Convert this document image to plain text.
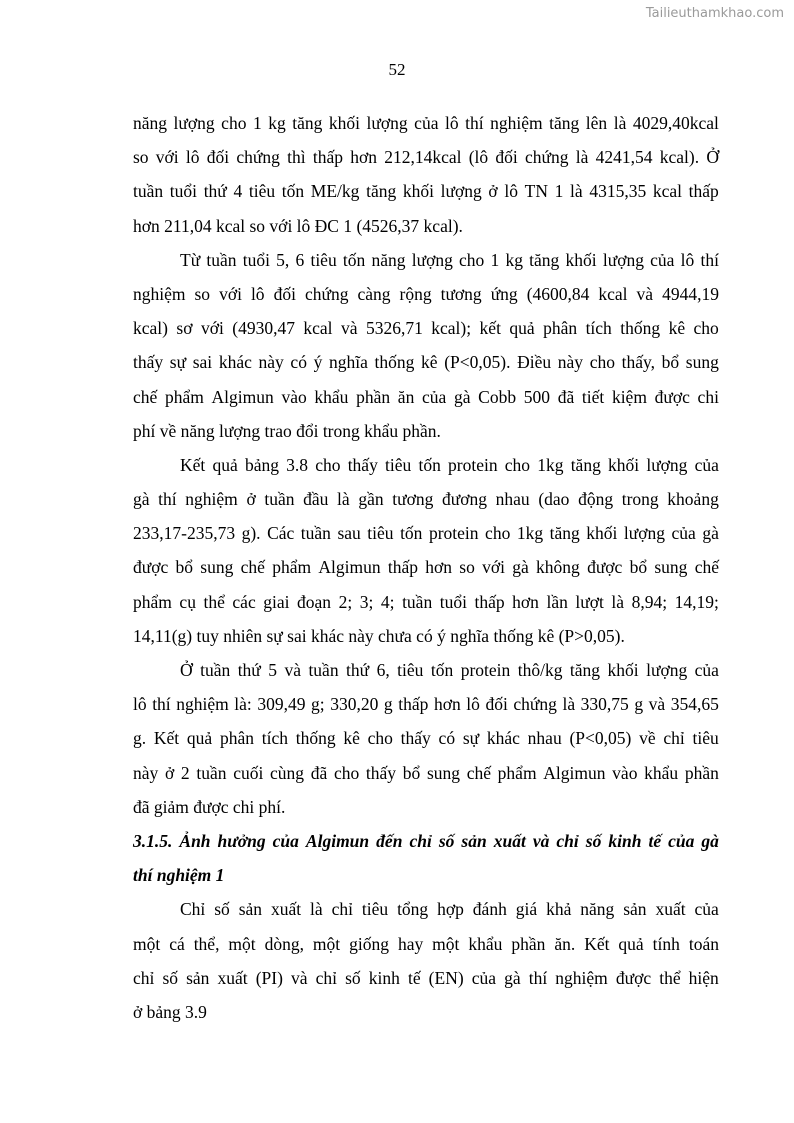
Tailieuthamkhao.com
52
năng lượng cho 1 kg tăng khối lượng của lô thí nghiệm tăng lên là 4029,40kcal
so với lô đối chứng thì thấp hơn 212,14kcal (lô đối chứng là 4241,54 kcal). Ở
tuần tuổi thứ 4 tiêu tốn ME/kg tăng khối lượng ở lô TN 1 là 4315,35 kcal thấp
hơn 211,04 kcal so với lô ĐC 1 (4526,37 kcal).
Từ tuần tuổi 5, 6 tiêu tốn năng lượng cho 1 kg tăng khối lượng của lô thí
nghiệm so với lô đối chứng càng rộng tương ứng (4600,84 kcal và 4944,19
kcal) sơ với (4930,47 kcal và 5326,71 kcal); kết quả phân tích thống kê cho
thấy sự sai khác này có ý nghĩa thống kê (P<0,05). Điều này cho thấy, bổ sung
chế phẩm Algimun vào khẩu phần ăn của gà Cobb 500 đã tiết kiệm được chi
phí về năng lượng trao đổi trong khẩu phần.
Kết quả bảng 3.8 cho thấy tiêu tốn protein cho 1kg tăng khối lượng của
gà thí nghiệm ở tuần đầu là gần tương đương nhau (dao động trong khoảng
233,17-235,73 g). Các tuần sau tiêu tốn protein cho 1kg tăng khối lượng của gà
được bổ sung chế phẩm Algimun thấp hơn so với gà không được bổ sung chế
phẩm cụ thể các giai đoạn 2; 3; 4; tuần tuổi thấp hơn lần lượt là 8,94; 14,19;
14,11(g) tuy nhiên sự sai khác này chưa có ý nghĩa thống kê (P>0,05).
Ở tuần thứ 5 và tuần thứ 6, tiêu tốn protein thô/kg tăng khối lượng của
lô thí nghiệm là: 309,49 g; 330,20 g thấp hơn lô đối chứng là 330,75 g và 354,65
g. Kết quả phân tích thống kê cho thấy có sự khác nhau (P<0,05) về chỉ tiêu
này ở 2 tuần cuối cùng đã cho thấy bổ sung chế phẩm Algimun vào khẩu phần
đã giảm được chi phí.
3.1.5. Ảnh hưởng của Algimun đến chỉ số sản xuất và chỉ số kinh tế của gà
thí nghiệm 1
Chỉ số sản xuất là chỉ tiêu tổng hợp đánh giá khả năng sản xuất của
một cá thể, một dòng, một giống hay một khẩu phần ăn. Kết quả tính toán
chỉ số sản xuất (PI) và chỉ số kinh tế (EN) của gà thí nghiệm được thể hiện
ở bảng 3.9
